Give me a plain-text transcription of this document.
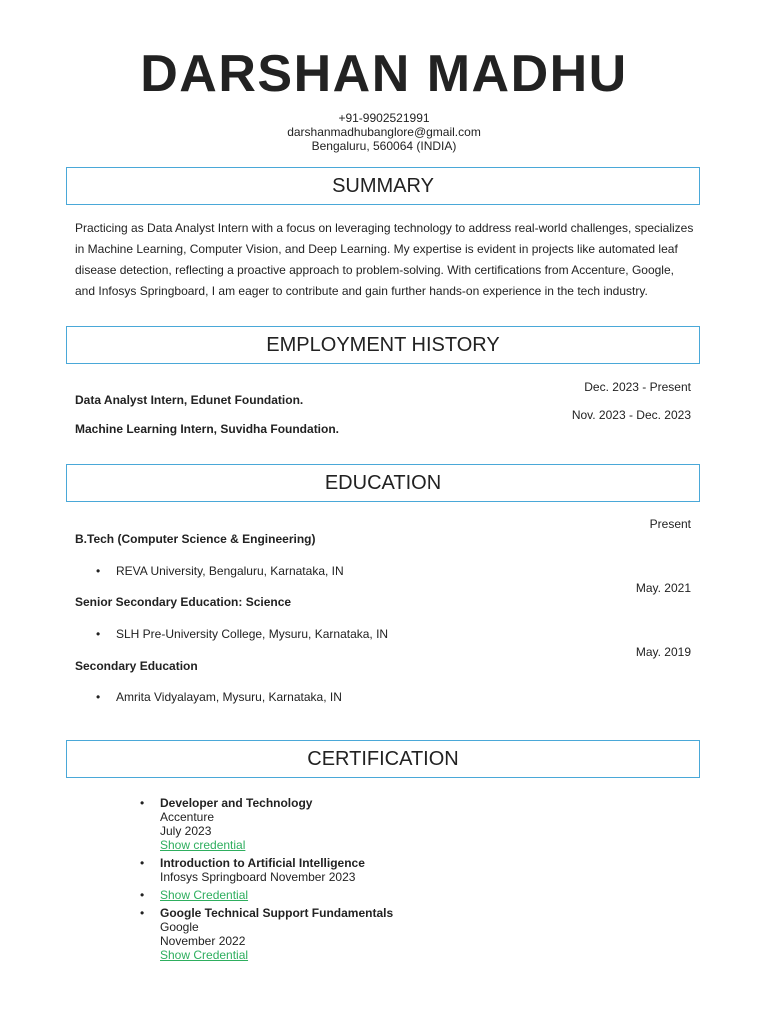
DARSHAN MADHU
+91-9902521991
darshanmadhubanglore@gmail.com
Bengaluru, 560064 (INDIA)
SUMMARY
Practicing as Data Analyst Intern with a focus on leveraging technology to address real-world challenges, specializes in Machine Learning, Computer Vision, and Deep Learning. My expertise is evident in projects like automated leaf disease detection, reflecting a proactive approach to problem-solving. With certifications from Accenture, Google, and Infosys Springboard, I am eager to contribute and gain further hands-on experience in the tech industry.
EMPLOYMENT HISTORY
Dec. 2023 - Present
Data Analyst Intern, Edunet Foundation.
Nov. 2023 - Dec. 2023
Machine Learning Intern, Suvidha Foundation.
EDUCATION
Present
B.Tech (Computer Science & Engineering)
• REVA University, Bengaluru, Karnataka, IN
May. 2021
Senior Secondary Education: Science
• SLH Pre-University College, Mysuru, Karnataka, IN
May. 2019
Secondary Education
• Amrita Vidyalayam, Mysuru, Karnataka, IN
CERTIFICATION
• Developer and Technology
Accenture
July 2023
Show credential
• Introduction to Artificial Intelligence
Infosys Springboard November 2023
• Show Credential
• Google Technical Support Fundamentals
Google
November 2022
Show Credential
